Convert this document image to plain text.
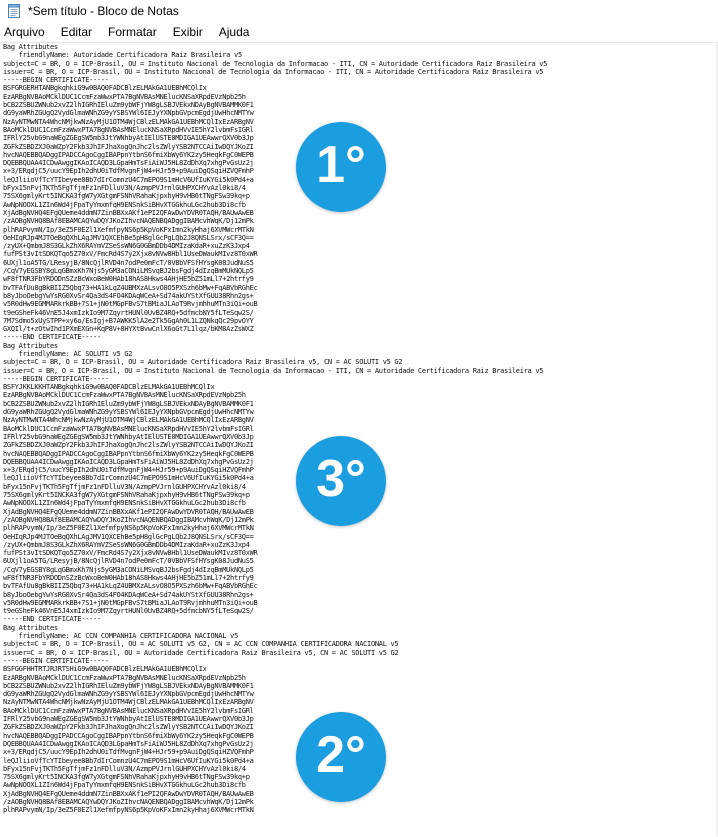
*Sem título - Bloco de Notas
Arquivo	Editar	Formatar	Exibir	Ajuda
Bag Attributes
friendlyName: Autoridade Certificadora Raiz Brasileira v5
subject=C = BR, O = ICP-Brasil, OU = Instituto Nacional de Tecnologia da Informacao - ITI, CN = Autoridade Certificadora Raiz Brasileira v5
issuer=C = BR, O = ICP-Brasil, OU = Instituto Nacional de Tecnologia da Informacao - ITI, CN = Autoridade Certificadora Raiz Brasileira v5
-----BEGIN CERTIFICATE-----
BSFGRGERHTANBgkqhkiG9w0BAQ0FADCBlzELMAkGA1UEBhMCQlIx
EzARBgNVBAoMCklDUC1CcmFzaWwxPTA7BgNVBAsMNElucKNSaXRpdEVzNpb25h
bCB2ZSBUZWNub2xvZ2lhIGRhIEluZm9ybWFjYW8gLSBJVEkxNDAyBgNVBAMMK0F1
dG9yaWRhZGUgQ2VydGlmaWNhZG9yYSBSYWl6IEJyYXNpbGVpcmEgdjUwHhcNMTYw
NzAyNTMwNTA4WhcNMjkwNzAyMjU1OTM4WjCBlzELMAkGA1UEBhMCQlIxEzARBgNV
BAoMCklDUC1CcmFzaWwxPTA7BgNVBAsMNElucKNSaXRpdHVvIE5hY2lvbmFsIGRl
IFRlY25vbG9naWEgZGEgSW5mb3JtYWNhbyAtIElUSTE0MDIGA1UEAwwrQXV0b3Jp
ZGFkZSBDZXJ0aWZpY2Fkb3JhIFJhaXogQnJhc2lsZWlyYSB2NTCCAiIwDQYJKoZI
hvcNAQEBBQADggIPADCCAgoCggIBAPpnYtbnS6fmiXbWy6YK2zy5HeqkFgC0WEPB
DQEBBQUAA4ICDwAwggIKAoICAQD3LGpaHmTsFiAiWJ5HL8ZdDhXq7xhgPvGsUz2j
x+3/ERqdjC5/uucY9EpIh2dhU0iTdfMvgnFjW4+HJr59+p9AuiDgQSqiHZVQFmhP
leQJliioVfTcYTIbeyee8Bb7dIrComnzU4C7mEPO9S1mHcV6UfIuKYGi5k0Pd4+a
bFyx15nFvjTKTh5FgTfjmFz1nFDlluV3N/AzmpPVJrnlGUHPXCHYvAzl0ki8/4
75SX6gmlyKrt5INCKA3fgW7yXGtgmFSNhVRahaKjpxhyH9vHB6tTNgFSw39kq+p
AwNpNOOXL1ZIn6Wd4jFpaTyYmxmfqH9ENSnkSiBHvXTGGkhuLGc2hub3Di8cfb
XjAdBgNVHQ4EFgQUeme4ddmN7ZinBBXxAKf1ePI2QFAwDwYDVR0TAQH/BAUwAwEB
/zAOBgNVHQ8BAf8EBAMCAQYwDQYJKoZIhvcNAQENBQADggIBAMcvhWqK/Dj12mPk
plhRAPvymN/Ip/3eZ5F0EZl1XefmfpyNS6p5KpVoKFxImn2kyHhaj6XVMWcrMTkN
OeHIqRJp4MJTOeBqQXhLAgJMV1QXCEhBe5pH8glGcPgLQb2J8QNSLSrx/sCF3Q==
/zyUX+QmbmJ8S3GLkZhX6RAYmVZSeSsWN6G0GBmDDb4DMIzaKdaR+xuZzK3Jxp4
fufPSt3vItSDKQTqo5Z70xV/FmcRd4S7y2Xjx8vNVw8Hbl1UseDWaukMIvz8T0xWR
6UXjl1oA5TG/LResyjB/8NcQjlRVD4n7odPe0mFcT/0VBbVFSfHYsgK08JudNuS5
/CqV7yEGSBY8gLqGBmxKh7Njs5yGM3aCONiLMSvqBJ2bsFgdj4dIzqBmMUkNQLp5
wF8fTNR3FbYRDODnSZzBcWxoBeW0HAb18hAS8Hkws4AHjHE5bZ51mLl7+2htrfy9
bvTFAfUu8gBkBIIZ5Qbq73+HA1kLqZ4UBMXzALsvO8O5PXSzh6bMw+FqABVbRGhEc
b8yJboOebgYwYsRG0XvSr4Qa3dS4FO4KDAqWCeA+Sd74akUYStXfGUU38Rhn2gs+
v5R0dHw9EGMMARkrkBB+7S1+jN0tMGpFBvS7tBMiaJLAoT9RvjmhhuMTn3iQi+ouB
t9eGSheFk46VnE5J4xmIzkIo9M7ZqyrtHUNl0UvBZ4RQ+5dfmcbNY5fLTeSqw2S/
7M7Sdmo5xUySTPP+xy6o/EsIgj+B7AWKK5lA2e2Tk5GgAh0L1LZQNkqQc29pvOYY
GXQIl/t+zOtwIhd1PXmEXGn+KqP8V+8HYXtBvwCnlX6oGt7L1lqz/bKM8AzZsWXZ
-----END CERTIFICATE-----
Bag Attributes
friendlyName: AC SOLUTI v5 G2
subject=C = BR, O = ICP-Brasil, OU = Autoridade Certificadora Raiz Brasileira v5, CN = AC SOLUTI v5 G2
issuer=C = BR, O = ICP-Brasil, OU = Instituto Nacional de Tecnologia da Informacao - ITI, CN = Autoridade Certificadora Raiz Brasileira v5
-----BEGIN CERTIFICATE-----
BSFYJKKLKKHTANBgkqhkiG9w0BAQ0FADCBlzELMAkGA1UEBhMCQlIx
EzARBgNVBAoMCklDUC1CcmFzaWwxPTA7BgNVBAsMNElucKNSaXRpdEVzNpb25h
bCB2ZSBUZWNub2xvZ2lhIGRhIEluZm9ybWFjYW8gLSBJVEkxNDAyBgNVBAMMK0F1
dG9yaWRhZGUgQ2VydGlmaWNhZG9yYSBSYWl6IEJyYXNpbGVpcmEgdjUwHhcNMTYw
NzAyNTMwNTA4WhcNMjkwNzAyMjU1OTM4WjCBlzELMAkGA1UEBhMCQlIxEzARBgNV
BAoMCklDUC1CcmFzaWwxPTA7BgNVBAsMNElucKNSaXRpdHVvIE5hY2lvbmFsIGRl
IFRlY25vbG9naWEgZGEgSW5mb3JtYWNhbyAtIElUSTE0MDIGA1UEAwwrQXV0b3Jp
ZGFkZSBDZXJ0aWZpY2Fkb3JhIFJhaXogQnJhc2lsZWlyYSB2NTCCAiIwDQYJKoZI
hvcNAQEBBQADggIPADCCAgoCggIBAPpnYtbnS6fmiXbWy6YK2zy5HeqkFgC0WEPB
DQEBBQUAA4ICDwAwggIKAoICAQD3LGpaHmTsFiAiWJ5HL8ZdDhXq7xhgPvGsUz2j
x+3/ERqdjC5/uucY9EpIh2dhU0iTdfMvgnFjW4+HJr59+p9AuiDgQSqiHZVQFmhP
leQJliioVfTcYTIbeyee8Bb7dIrComnzU4C7mEPO9S1mHcV6UfIuKYGi5k0Pd4+a
bFyx15nFvjTKTh5FgTfjmFz1nFDlluV3N/AzmpPVJrnlGUHPXCHYvAzl0ki8/4
75SX6gmlyKrt5INCKA3fgW7yXGtgmFSNhVRahaKjpxhyH9vHB6tTNgFSw39kq+p
AwNpNOOXL1ZIn6Wd4jFpaTyYmxmfqH9ENSnkSiBHvXTGGkhuLGc2hub3Di8cfb
XjAdBgNVHQ4EFgQUeme4ddmN7ZinBBXxAKf1ePI2QFAwDwYDVR0TAQH/BAUwAwEB
/zAOBgNVHQ8BAf8EBAMCAQYwDQYJKoZIhvcNAQENBQADggIBAMcvhWqK/Dj12mPk
plhRAPvymN/Ip/3eZ5F0EZl1XefmfpyNS6p5KpVoKFxImn2kyHhaj6XVMWcrMTkN
OeHIqRJp4MJTOeBqQXhLAgJMV1QXCEhBe5pH8glGcPgLQb2J8QNSLSrx/sCF3Q==
/zyUX+QmbmJ8S3GLkZhX6RAYmVZSeSsWN6G0GBmDDb4DMIzaKdaR+xuZzK3Jxp4
fufPSt3vItSDKQTqo5Z70xV/FmcRd4S7y2Xjx8vNVw8Hbl1UseDWaukMIvz8T0xWR
6UXjl1oA5TG/LResyjB/8NcQjlRVD4n7odPe0mFcT/0VBbVFSfHYsgK08JudNuS5
/CqV7yEGSBY8gLqGBmxKh7Njs5yGM3aCONiLMSvqBJ2bsFgdj4dIzqBmMUkNQLp5
wF8fTNR3FbYRDODnSZzBcWxoBeW0HAb18hAS8Hkws4AHjHE5bZ51mLl7+2htrfy9
bvTFAfUu8gBkBIIZ5Qbq73+HA1kLqZ4UBMXzALsvO8O5PXSzh6bMw+FqABVbRGhEc
b8yJboOebgYwYsRG0XvSr4Qa3dS4FO4KDAqWCeA+Sd74akUYStXfGUU38Rhn2gs+
v5R0dHw9EGMMARkrkBB+7S1+jN0tMGpFBvS7tBMiaJLAoT9RvjmhhuMTn3iQi+ouB
t9eGSheFk46VnE5J4xmIzkIo9M7ZqyrtHUNl0UvBZ4RQ+5dfmcbNY5fLTeSqw2S/
-----END CERTIFICATE-----
Bag Attributes
friendlyName: AC CCN COMPANHIA CERTIFICADORA NACIONAL v5
subject=C = BR, O = ICP-Brasil, OU = AC SOLUTI v5 G2, CN = AC CCN COMPANHIA CERTIFICADORA NACIONAL v5
issuer=C = BR, O = ICP-Brasil, OU = Autoridade Certificadora Raiz Brasileira v5, CN = AC SOLUTI v5 G2
-----BEGIN CERTIFICATE-----
BSFGGFHHTRTJRJRTSHiG9w0BAQ0FADCBlzELMAkGA1UEBhMCQlIx
EzARBgNVBAoMCklDUC1CcmFzaWwxPTA7BgNVBAsMNElucKNSaXRpdEVzNpb25h
bCB2ZSBUZWNub2xvZ2lhIGRhIEluZm9ybWFjYW8gLSBJVEkxNDAyBgNVBAMMK0F1
dG9yaWRhZGUgQ2VydGlmaWNhZG9yYSBSYWl6IEJyYXNpbGVpcmEgdjUwHhcNMTYw
NzAyNTMwNTA4WhcNMjkwNzAyMjU1OTM4WjCBlzELMAkGA1UEBhMCQlIxEzARBgNV
BAoMCklDUC1CcmFzaWwxPTA7BgNVBAsMNElucKNSaXRpdHVvIE5hY2lvbmFsIGRl
IFRlY25vbG9naWEgZGEgSW5mb3JtYWNhbyAtIElUSTE0MDIGA1UEAwwrQXV0b3Jp
ZGFkZSBDZXJ0aWZpY2Fkb3JhIFJhaXogQnJhc2lsZWlyYSB2NTCCAiIwDQYJKoZI
hvcNAQEBBQADggIPADCCAgoCggIBAPpnYtbnS6fmiXbWy6YK2zy5HeqkFgC0WEPB
DQEBBQUAA4ICDwAwggIKAoICAQD3LGpaHmTsFiAiWJ5HL8ZdDhXq7xhgPvGsUz2j
x+3/ERqdjC5/uucY9EpIh2dhU0iTdfMvgnFjW4+HJr59+p9AuiDgQSqiHZVQFmhP
leQJliioVfTcYTIbeyee8Bb7dIrComnzU4C7mEPO9S1mHcV6UfIuKYGi5k0Pd4+a
bFyx15nFvjTKTh5FgTfjmFz1nFDlluV3N/AzmpPVJrnlGUHPXCHYvAzl0ki8/4
75SX6gmlyKrt5INCKA3fgW7yXGtgmFSNhVRahaKjpxhyH9vHB6tTNgFSw39kq+p
AwNpNOOXL1ZIn6Wd4jFpaTyYmxmfqH9ENSnkSiBHvXTGGkhuLGc2hub3Di8cfb
XjAdBgNVHQ4EFgQUeme4ddmN7ZinBBXxAKf1ePI2QFAwDwYDVR0TAQH/BAUwAwEB
/zAOBgNVHQ8BAf8EBAMCAQYwDQYJKoZIhvcNAQENBQADggIBAMcvhWqK/Dj12mPk
plhRAPvymN/Ip/3eZ5F0EZl1XefmfpyNS6p5KpVoKFxImn2kyHhaj6XVMWcrMTkN
1°
3°
2°
